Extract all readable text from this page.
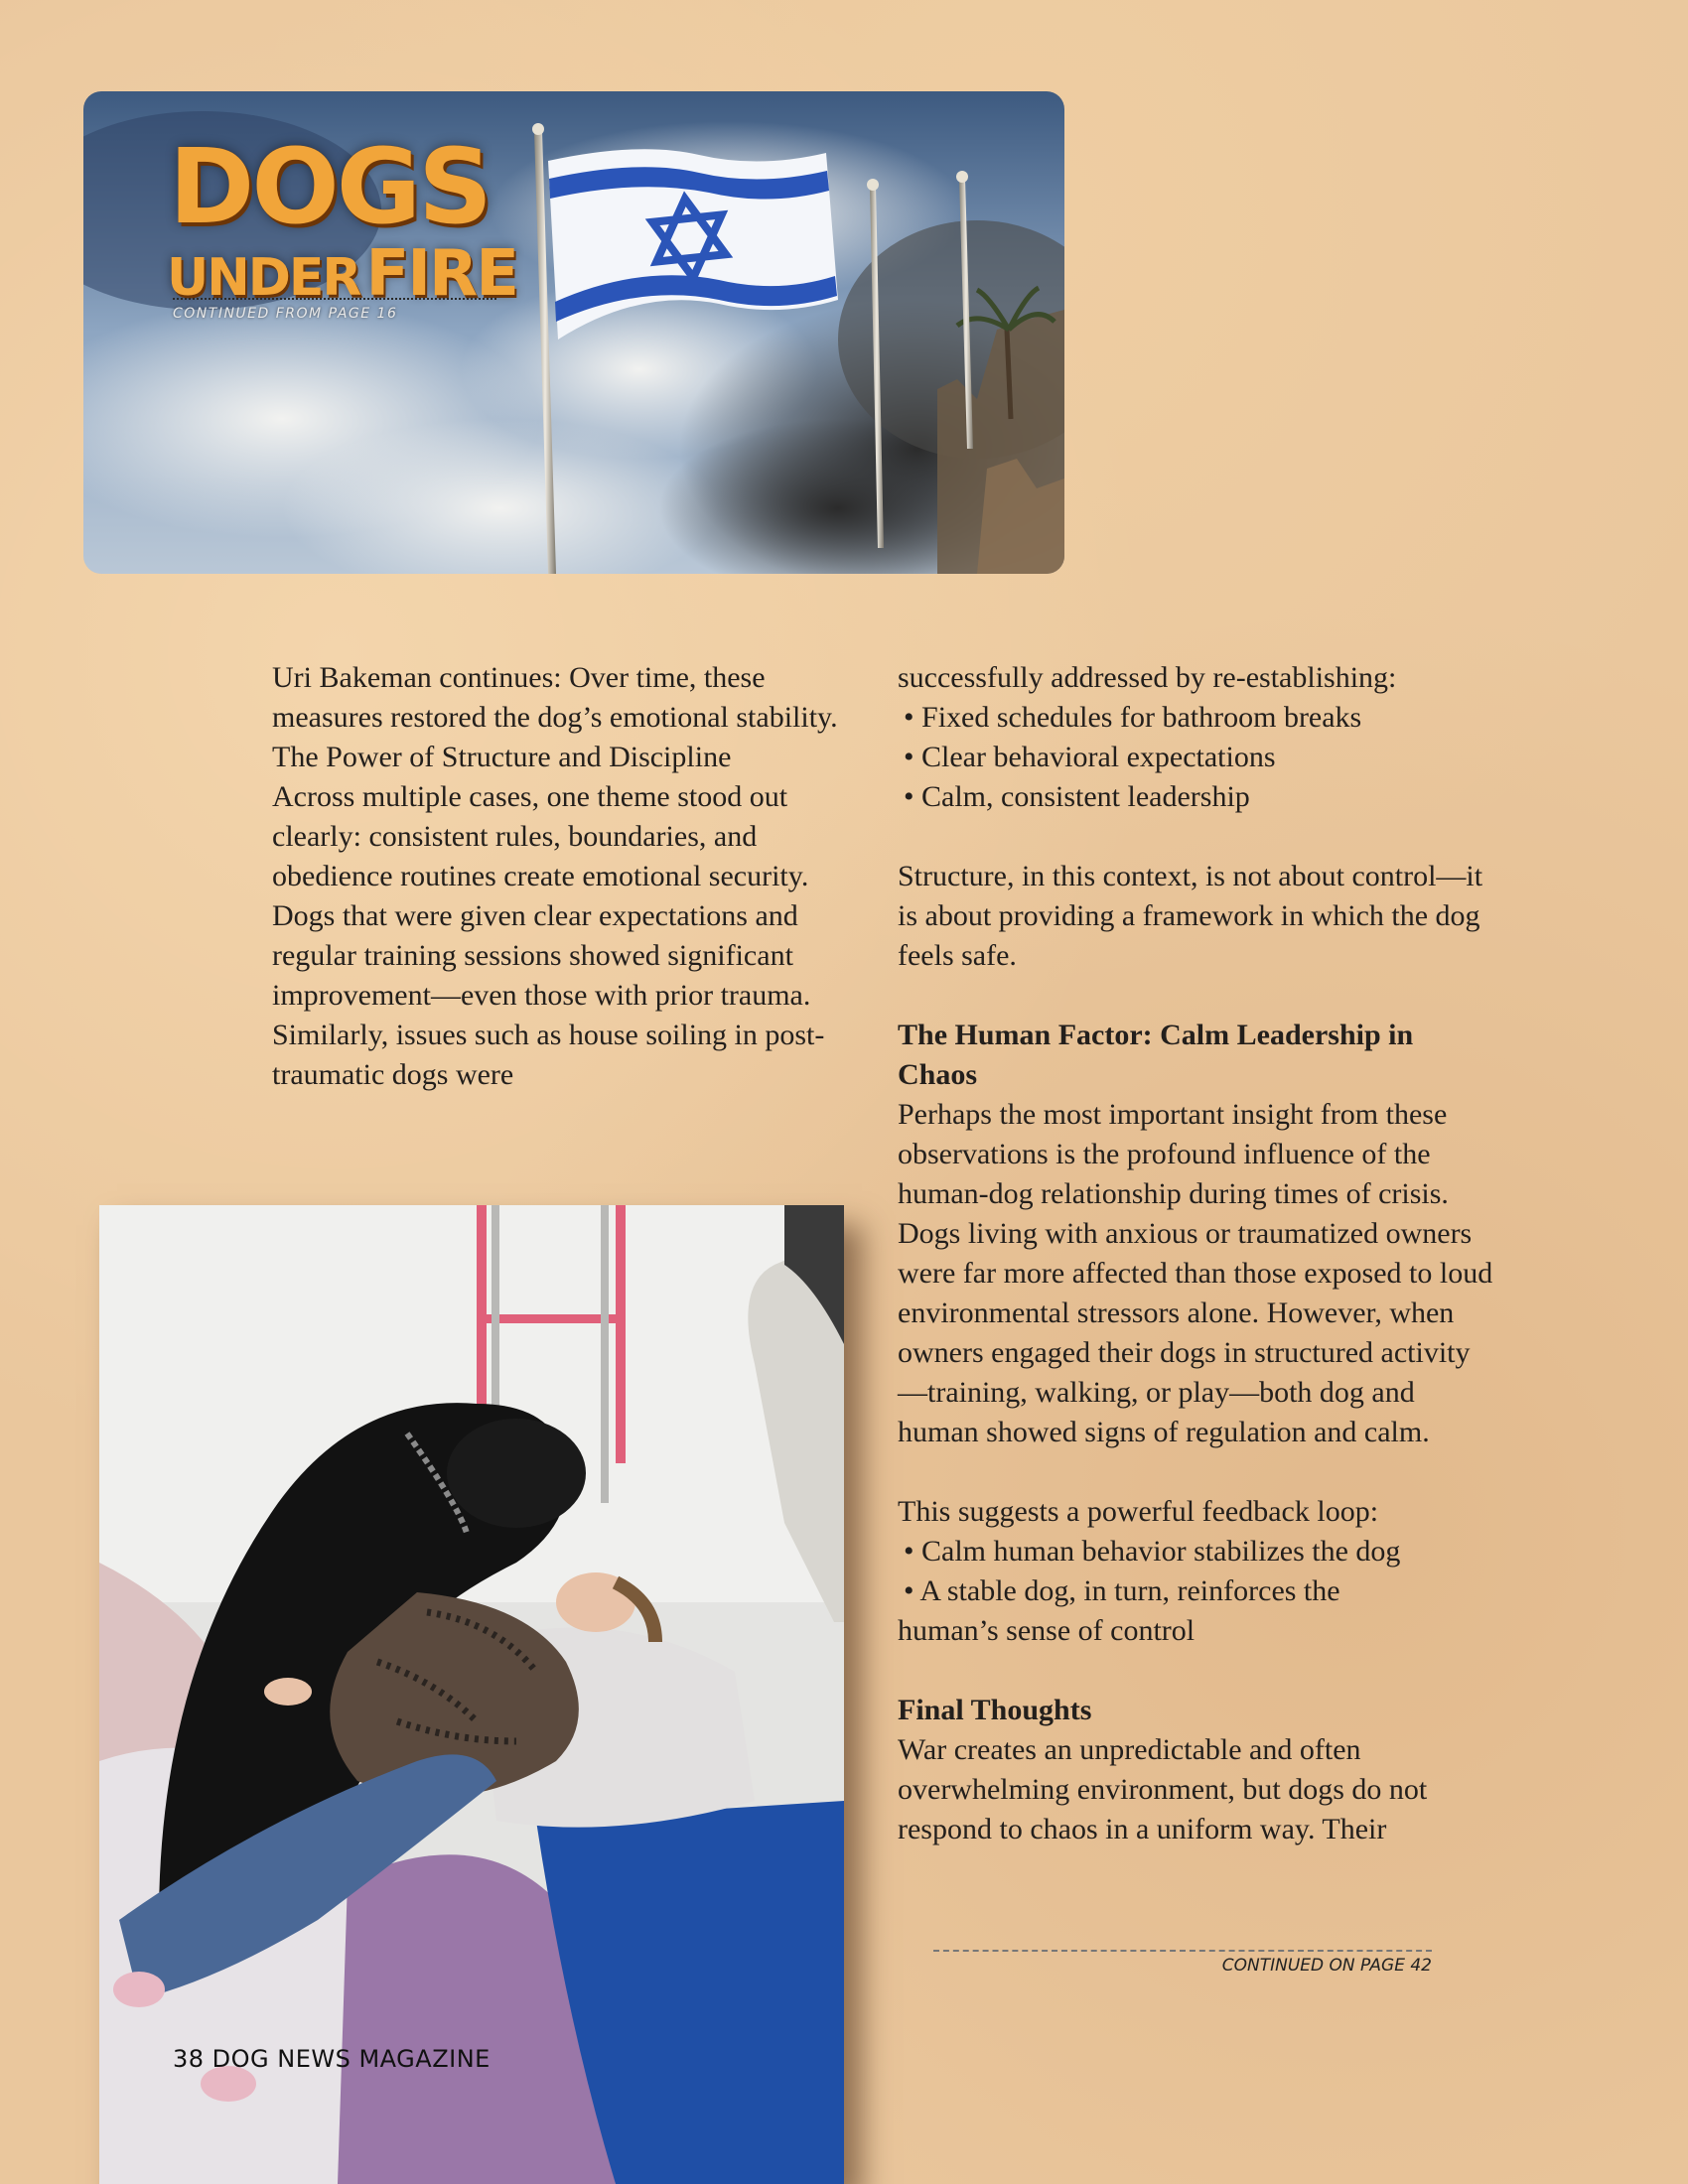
DOGS
UNDERFIRE
CONTINUED FROM PAGE 16

Uri Bakeman continues: Over time, these measures restored the dog’s emotional stability.

The Power of Structure and Discipline

Across multiple cases, one theme stood out clearly: consistent rules, boundaries, and obedience routines create emotional security.

Dogs that were given clear expectations and regular training sessions showed significant improvement—even those with prior trauma. Similarly, issues such as house soiling in post-traumatic dogs were

successfully addressed by re-establishing:

• Fixed schedules for bathroom breaks
• Clear behavioral expectations
• Calm, consistent leadership

Structure, in this context, is not about control—it is about providing a framework in which the dog feels safe.

The Human Factor: Calm Leadership in Chaos

Perhaps the most important insight from these observations is the profound influence of the human-dog relationship during times of crisis.

Dogs living with anxious or traumatized owners were far more affected than those exposed to loud environmental stressors alone. However, when owners engaged their dogs in structured activity—training, walking, or play—both dog and human showed signs of regulation and calm.

This suggests a powerful feedback loop:

• Calm human behavior stabilizes the dog
• A stable dog, in turn, reinforces the

human’s sense of control

Final Thoughts

War creates an unpredictable and often overwhelming environment, but dogs do not respond to chaos in a uniform way. Their

CONTINUED ON PAGE 42
38 DOG NEWS MAGAZINE
